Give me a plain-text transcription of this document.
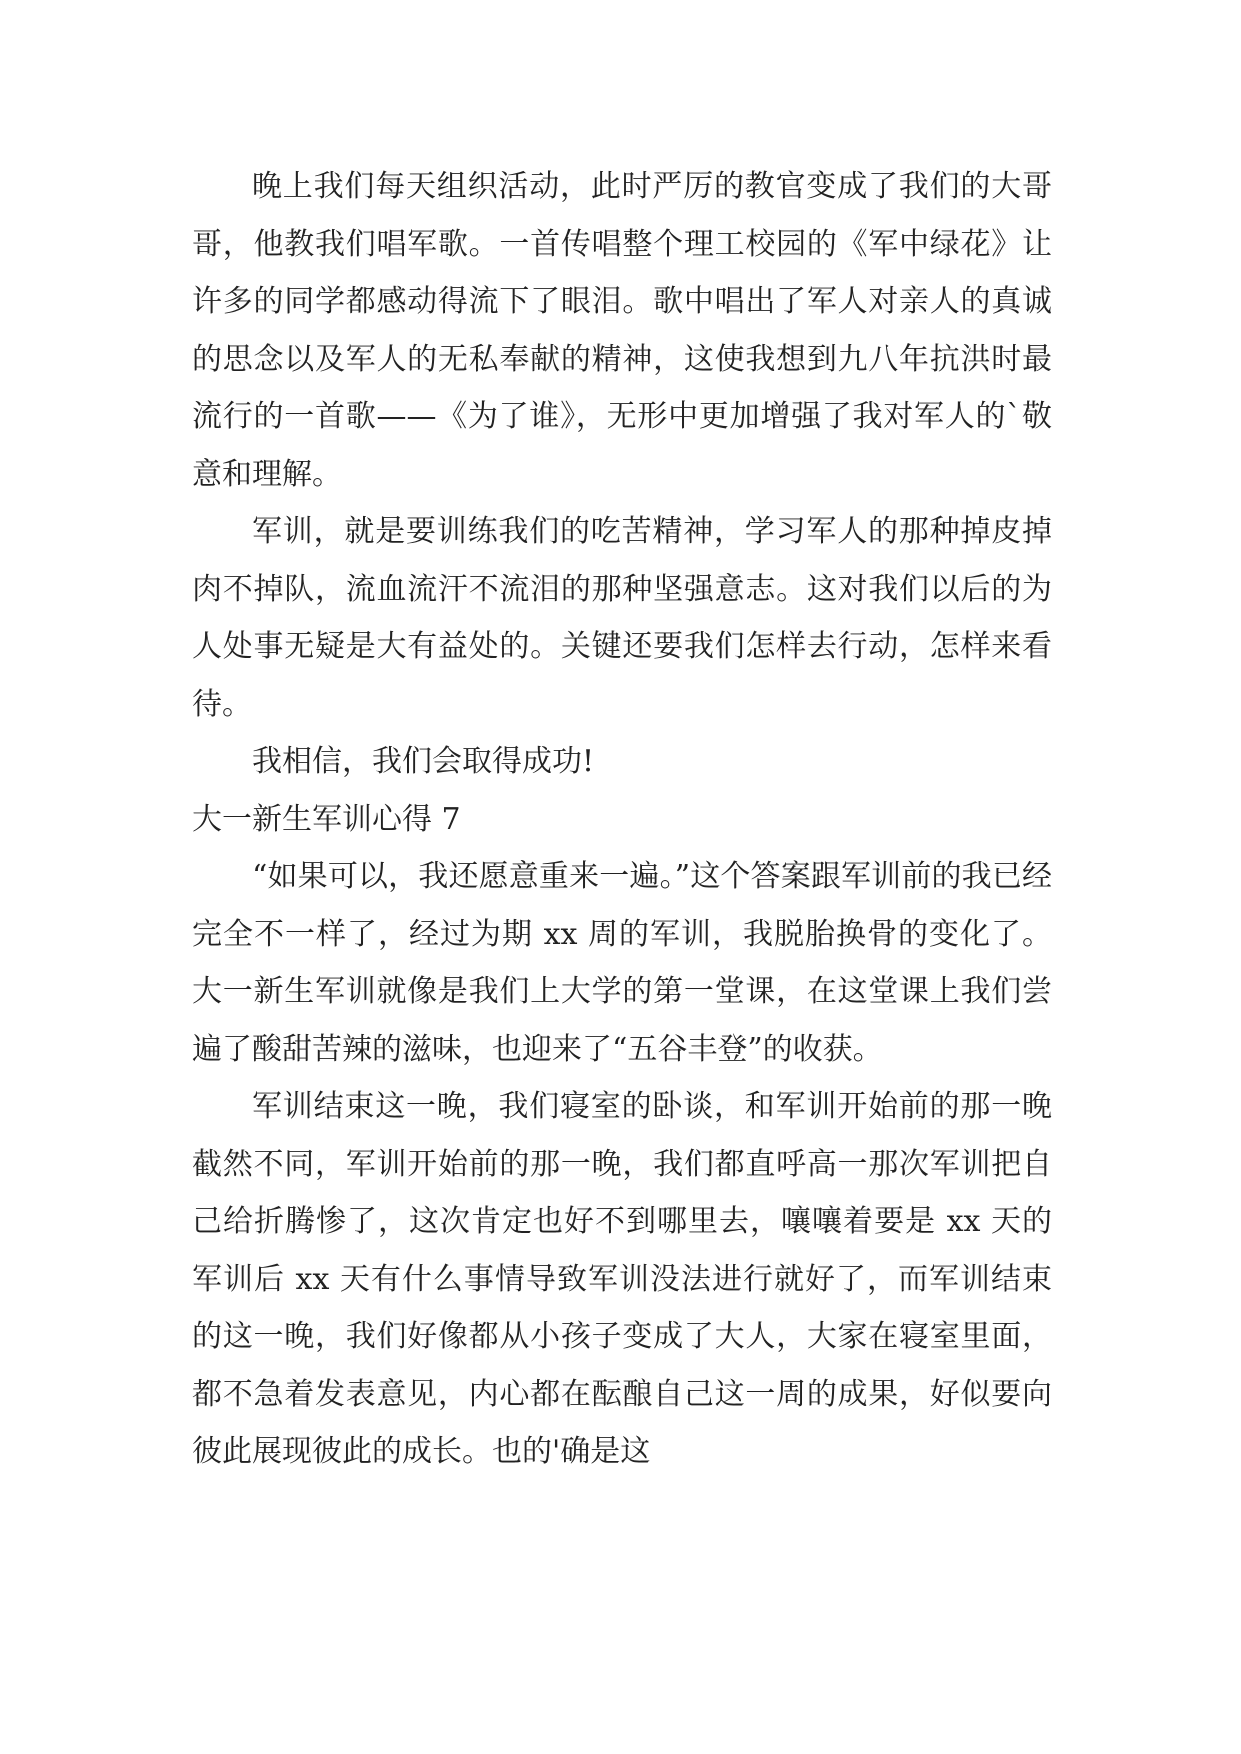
晚上我们每天组织活动，此时严厉的教官变成了我们的大哥哥，他教我们唱军歌。一首传唱整个理工校园的《军中绿花》让许多的同学都感动得流下了眼泪。歌中唱出了军人对亲人的真诚的思念以及军人的无私奉献的精神，这使我想到九八年抗洪时最流行的一首歌——《为了谁》，无形中更加增强了我对军人的`敬意和理解。

军训，就是要训练我们的吃苦精神，学习军人的那种掉皮掉肉不掉队，流血流汗不流泪的那种坚强意志。这对我们以后的为人处事无疑是大有益处的。关键还要我们怎样去行动，怎样来看待。

我相信，我们会取得成功!

大一新生军训心得 7

“如果可以，我还愿意重来一遍。”这个答案跟军训前的我已经完全不一样了，经过为期 xx 周的军训，我脱胎换骨的变化了。大一新生军训就像是我们上大学的第一堂课，在这堂课上我们尝遍了酸甜苦辣的滋味，也迎来了“五谷丰登”的收获。

军训结束这一晚，我们寝室的卧谈，和军训开始前的那一晚截然不同，军训开始前的那一晚，我们都直呼高一那次军训把自己给折腾惨了，这次肯定也好不到哪里去，嚷嚷着要是 xx 天的军训后 xx 天有什么事情导致军训没法进行就好了，而军训结束的这一晚，我们好像都从小孩子变成了大人，大家在寝室里面，都不急着发表意见，内心都在酝酿自己这一周的成果，好似要向彼此展现彼此的成长。也的'确是这
